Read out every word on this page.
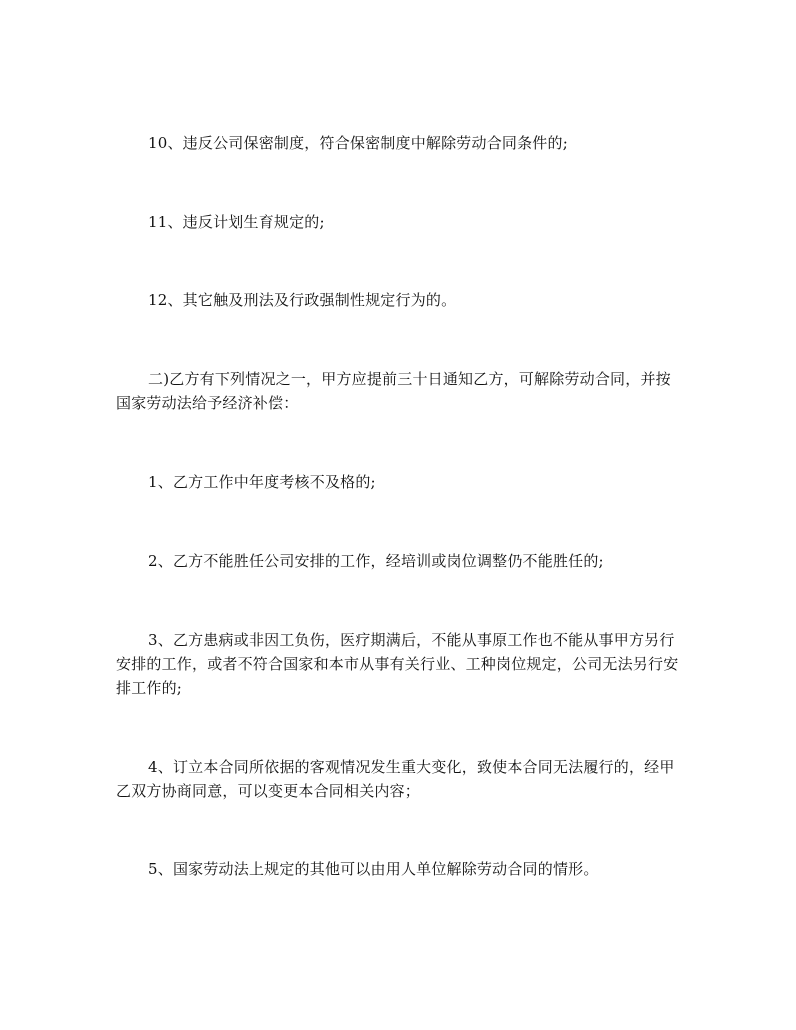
10、违反公司保密制度，符合保密制度中解除劳动合同条件的;

11、违反计划生育规定的;

12、其它触及刑法及行政强制性规定行为的。

二)乙方有下列情况之一，甲方应提前三十日通知乙方，可解除劳动合同，并按国家劳动法给予经济补偿：

1、乙方工作中年度考核不及格的;

2、乙方不能胜任公司安排的工作，经培训或岗位调整仍不能胜任的;

3、乙方患病或非因工负伤，医疗期满后，不能从事原工作也不能从事甲方另行安排的工作，或者不符合国家和本市从事有关行业、工种岗位规定，公司无法另行安排工作的;

4、订立本合同所依据的客观情况发生重大变化，致使本合同无法履行的，经甲乙双方协商同意，可以变更本合同相关内容；

5、国家劳动法上规定的其他可以由用人单位解除劳动合同的情形。
